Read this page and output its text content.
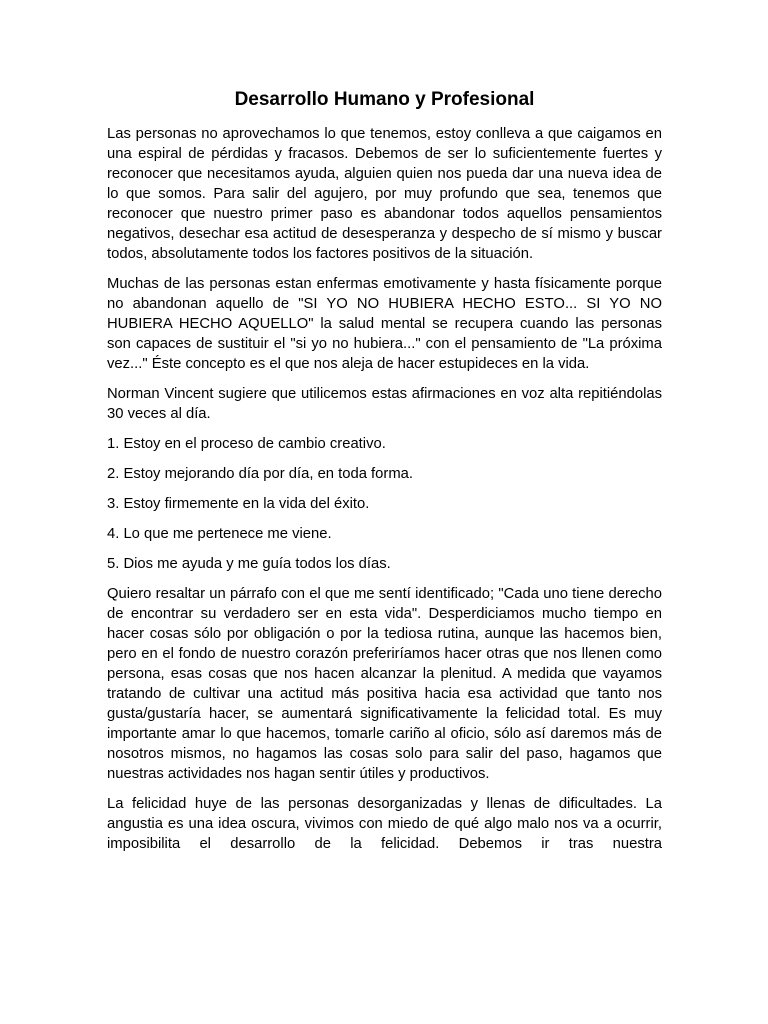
Desarrollo Humano y Profesional

Las personas no aprovechamos lo que tenemos, estoy conlleva a que caigamos en una espiral de pérdidas y fracasos. Debemos de ser lo suficientemente fuertes y reconocer que necesitamos ayuda, alguien quien nos pueda dar una nueva idea de lo que somos. Para salir del agujero, por muy profundo que sea, tenemos que reconocer que nuestro primer paso es abandonar todos aquellos pensamientos negativos, desechar esa actitud de desesperanza y despecho de sí mismo y buscar todos, absolutamente todos los factores positivos de la situación.

Muchas de las personas estan enfermas emotivamente y hasta físicamente porque no abandonan aquello de "SI YO NO HUBIERA HECHO ESTO... SI YO NO HUBIERA HECHO AQUELLO" la salud mental se recupera cuando las personas son capaces de sustituir el "si yo no hubiera..." con el pensamiento de "La próxima vez..." Éste concepto es el que nos aleja de hacer estupideces en la vida.

Norman Vincent sugiere que utilicemos estas afirmaciones en voz alta repitiéndolas 30 veces al día.

1. Estoy en el proceso de cambio creativo.
2. Estoy mejorando día por día, en toda forma.
3. Estoy firmemente en la vida del éxito.
4. Lo que me pertenece me viene.
5. Dios me ayuda y me guía todos los días.

Quiero resaltar un párrafo con el que me sentí identificado; "Cada uno tiene derecho de encontrar su verdadero ser en esta vida". Desperdiciamos mucho tiempo en hacer cosas sólo por obligación o por la tediosa rutina, aunque las hacemos bien, pero en el fondo de nuestro corazón preferiríamos hacer otras que nos llenen como persona, esas cosas que nos hacen alcanzar la plenitud. A medida que vayamos tratando de cultivar una actitud más positiva hacia esa actividad que tanto nos gusta/gustaría hacer, se aumentará significativamente la felicidad total. Es muy importante amar lo que hacemos, tomarle cariño al oficio, sólo así daremos más de nosotros mismos, no hagamos las cosas solo para salir del paso, hagamos que nuestras actividades nos hagan sentir útiles y productivos.

La felicidad huye de las personas desorganizadas y llenas de dificultades. La angustia es una idea oscura, vivimos con miedo de qué algo malo nos va a ocurrir, imposibilita el desarrollo de la felicidad. Debemos ir tras nuestra
